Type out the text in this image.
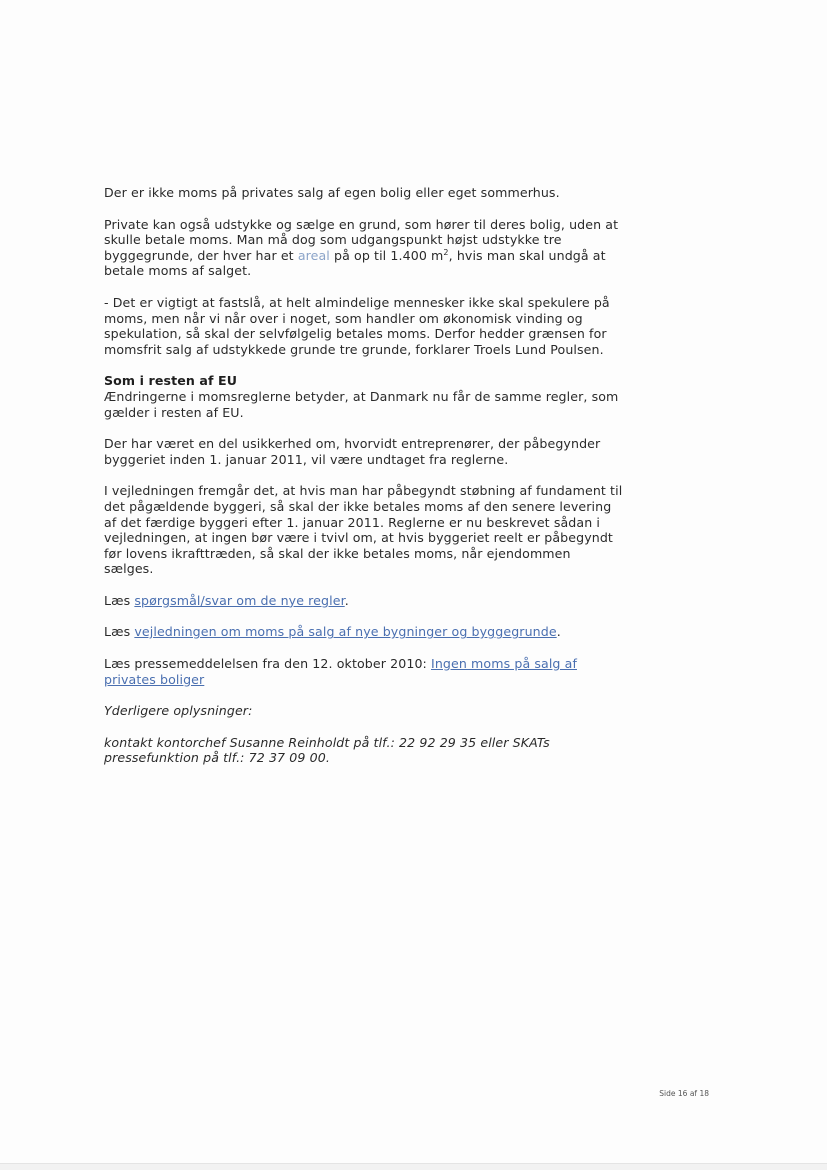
Der er ikke moms på privates salg af egen bolig eller eget sommerhus.

Private kan også udstykke og sælge en grund, som hører til deres bolig, uden at skulle betale moms. Man må dog som udgangspunkt højst udstykke tre byggegrunde, der hver har et areal på op til 1.400 $m^2$, hvis man skal undgå at betale moms af salget.

- Det er vigtigt at fastslå, at helt almindelige mennesker ikke skal spekulere på moms, men når vi når over i noget, som handler om økonomisk vinding og spekulation, så skal der selvfølgelig betales moms. Derfor hedder grænsen for momsfrit salg af udstykkede grunde tre grunde, forklarer Troels Lund Poulsen.

Som i resten af EU

Ændringerne i momsreglerne betyder, at Danmark nu får de samme regler, som gælder i resten af EU.

Der har været en del usikkerhed om, hvorvidt entreprenører, der påbegynder byggeriet inden 1. januar 2011, vil være undtaget fra reglerne.

I vejledningen fremgår det, at hvis man har påbegyndt støbning af fundament til det pågældende byggeri, så skal der ikke betales moms af den senere levering af det færdige byggeri efter 1. januar 2011. Reglerne er nu beskrevet sådan i vejledningen, at ingen bør være i tvivl om, at hvis byggeriet reelt er påbegyndt før lovens ikrafttræden, så skal der ikke betales moms, når ejendommen sælges.

Læs spørgsmål/svar om de nye regler.

Læs vejledningen om moms på salg af nye bygninger og byggegrunde.

Læs pressemeddelelsen fra den 12. oktober 2010: Ingen moms på salg af privates boliger

Yderligere oplysninger:

kontakt kontorchef Susanne Reinholdt på tlf.: 22 92 29 35 eller SKATs pressefunktion på tlf.: 72 37 09 00.

Side 16 af 18
